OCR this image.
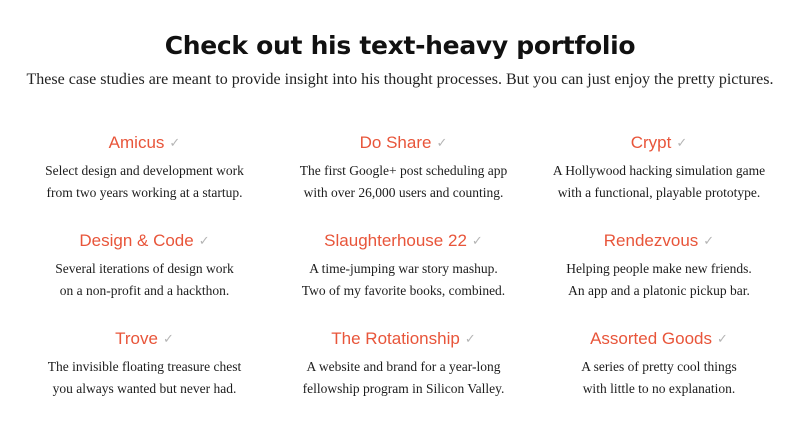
Check out his text-heavy portfolio

These case studies are meant to provide insight into his thought processes. But you can just enjoy the pretty pictures.

Amicus ✓

Select design and development work
from two years working at a startup.

Do Share ✓

The first Google+ post scheduling app
with over 26,000 users and counting.

Crypt ✓

A Hollywood hacking simulation game
with a functional, playable prototype.

Design & Code ✓

Several iterations of design work
on a non-profit and a hackthon.

Slaughterhouse 22 ✓

A time-jumping war story mashup.
Two of my favorite books, combined.

Rendezvous ✓

Helping people make new friends.
An app and a platonic pickup bar.

Trove ✓

The invisible floating treasure chest
you always wanted but never had.

The Rotationship ✓

A website and brand for a year-long
fellowship program in Silicon Valley.

Assorted Goods ✓

A series of pretty cool things
with little to no explanation.
